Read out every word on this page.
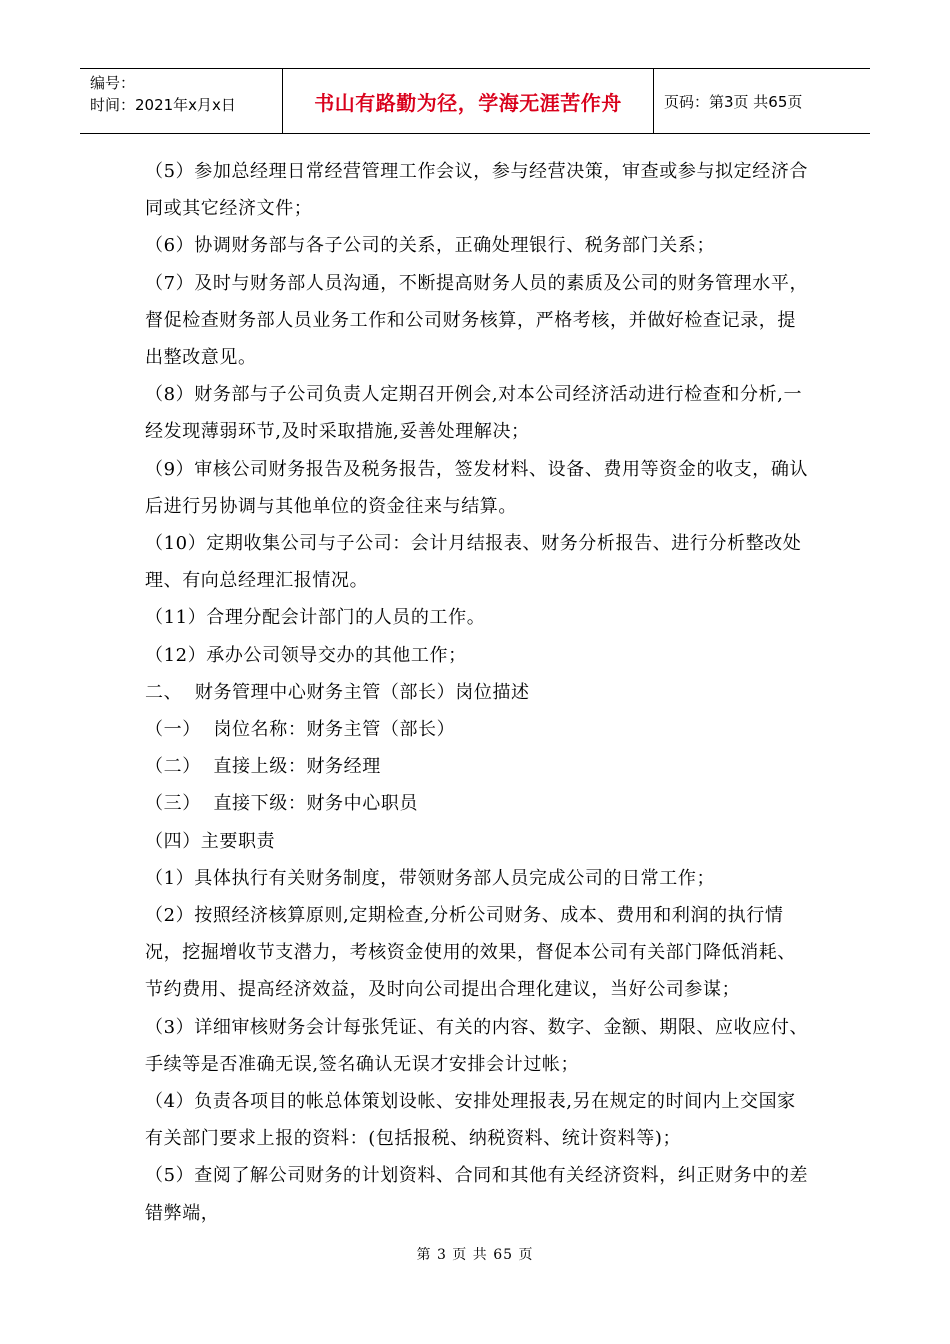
编号：
时间：2021年x月x日	书山有路勤为径，学海无涯苦作舟	页码：第3页 共65页

（5）参加总经理日常经营管理工作会议，参与经营决策，审查或参与拟定经济合同或其它经济文件；

（6）协调财务部与各子公司的关系，正确处理银行、税务部门关系；

（7）及时与财务部人员沟通，不断提高财务人员的素质及公司的财务管理水平，督促检查财务部人员业务工作和公司财务核算，严格考核，并做好检查记录，提出整改意见。

（8）财务部与子公司负责人定期召开例会,对本公司经济活动进行检查和分析,一经发现薄弱环节,及时采取措施,妥善处理解决；

（9）审核公司财务报告及税务报告，签发材料、设备、费用等资金的收支，确认后进行另协调与其他单位的资金往来与结算。

（10）定期收集公司与子公司：会计月结报表、财务分析报告、进行分析整改处理、有向总经理汇报情况。

（11）合理分配会计部门的人员的工作。

（12）承办公司领导交办的其他工作；

二、  财务管理中心财务主管（部长）岗位描述

（一）  岗位名称：财务主管（部长）

（二）  直接上级：财务经理

（三）  直接下级：财务中心职员

（四）主要职责

（1）具体执行有关财务制度，带领财务部人员完成公司的日常工作；

（2）按照经济核算原则,定期检查,分析公司财务、成本、费用和利润的执行情况，挖掘增收节支潜力，考核资金使用的效果，督促本公司有关部门降低消耗、节约费用、提高经济效益，及时向公司提出合理化建议，当好公司参谋；

（3）详细审核财务会计每张凭证、有关的内容、数字、金额、期限、应收应付、手续等是否准确无误,签名确认无误才安排会计过帐；

（4）负责各项目的帐总体策划设帐、安排处理报表,另在规定的时间内上交国家有关部门要求上报的资料：(包括报税、纳税资料、统计资料等)；

（5）查阅了解公司财务的计划资料、合同和其他有关经济资料，纠正财务中的差错弊端，

第 3 页 共 65 页
